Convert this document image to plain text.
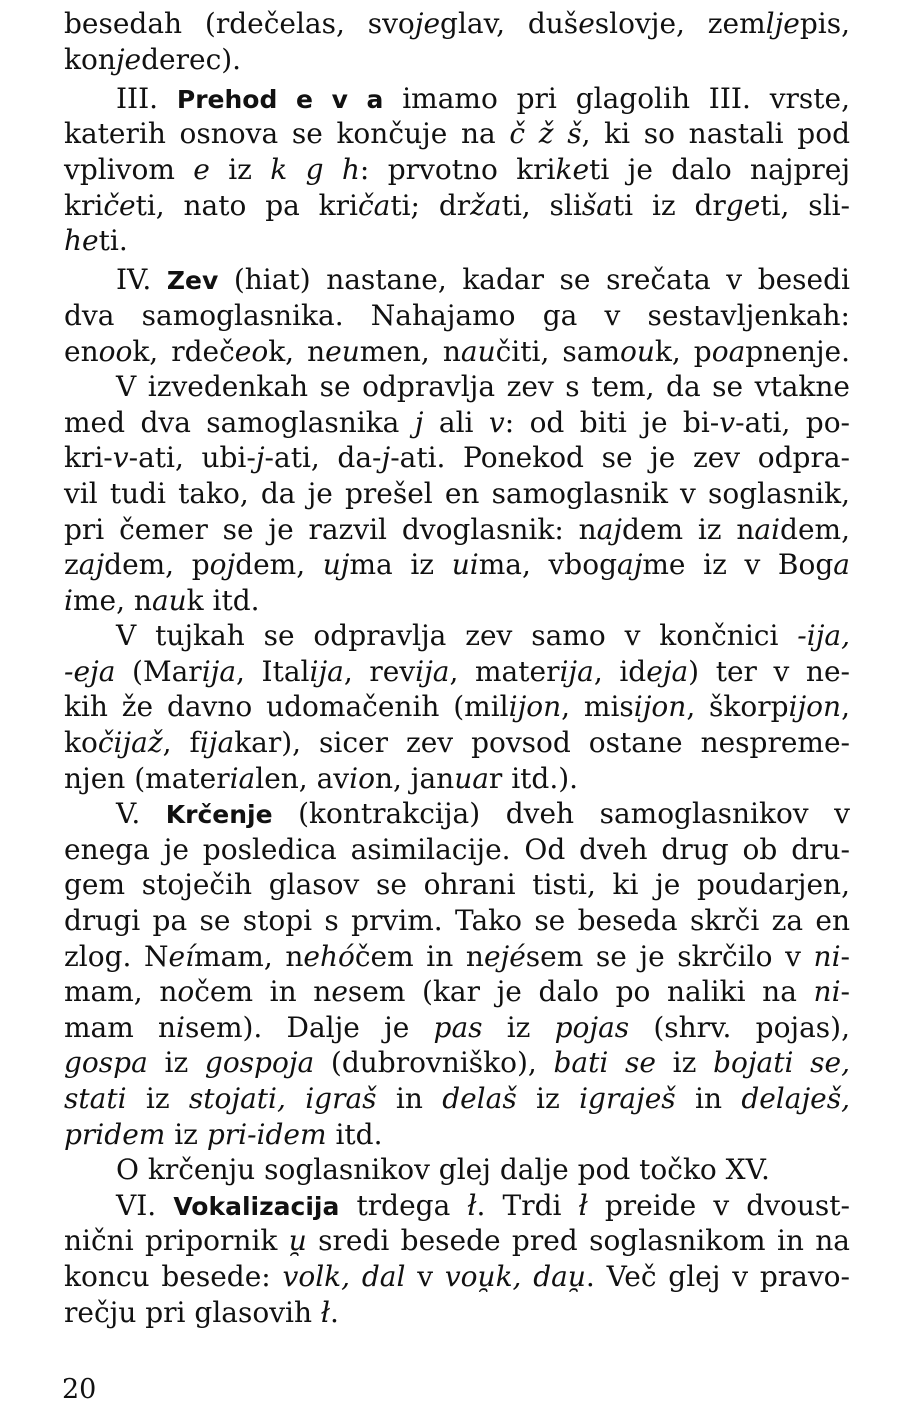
besedah (rdečelas, svojeglav, dušeslovje, zemljepis,
konjederec).
III. Prehod e v a imamo pri glagolih III. vrste,
katerih osnova se končuje na č ž š, ki so nastali pod
vplivom e iz k g h: prvotno kriketi je dalo najprej
kričeti, nato pa kričati; držati, slišati iz drgeti, sli-
heti.
IV. Zev (hiat) nastane, kadar se srečata v besedi
dva samoglasnika. Nahajamo ga v sestavljenkah:
enook, rdečeok, neumen, naučiti, samouk, poapnenje.
V izvedenkah se odpravlja zev s tem, da se vtakne
med dva samoglasnika j ali v: od biti je bi-v-ati, po-
kri-v-ati, ubi-j-ati, da-j-ati. Ponekod se je zev odpra-
vil tudi tako, da je prešel en samoglasnik v soglasnik,
pri čemer se je razvil dvoglasnik: najdem iz naidem,
zajdem, pojdem, ujma iz uima, vbogajme iz v Boga
ime, nauk itd.
V tujkah se odpravlja zev samo v končnici -ija,
-eja (Marija, Italija, revija, materija, ideja) ter v ne-
kih že davno udomačenih (milijon, misijon, škorpijon,
kočijaž, fijakar), sicer zev povsod ostane nespreme-
njen (materialen, avion, januar itd.).
V. Krčenje (kontrakcija) dveh samoglasnikov v
enega je posledica asimilacije. Od dveh drug ob dru-
gem stoječih glasov se ohrani tisti, ki je poudarjen,
drugi pa se stopi s prvim. Tako se beseda skrči za en
zlog. Neímam, nehóčem in nejésem se je skrčilo v ni-
mam, nočem in nesem (kar je dalo po naliki na ni-
mam nisem). Dalje je pas iz pojas (shrv. pojas),
gospa iz gospoja (dubrovniško), bati se iz bojati se,
stati iz stojati, igraš in delaš iz igraješ in delaješ,
pridem iz pri-idem itd.
O krčenju soglasnikov glej dalje pod točko XV.
VI. Vokalizacija trdega ł. Trdi ł preide v dvoust-
nični pripornik u̯ sredi besede pred soglasnikom in na
koncu besede: volk, dal v vou̯k, dau̯. Več glej v pravo-
rečju pri glasovih ł.
20
